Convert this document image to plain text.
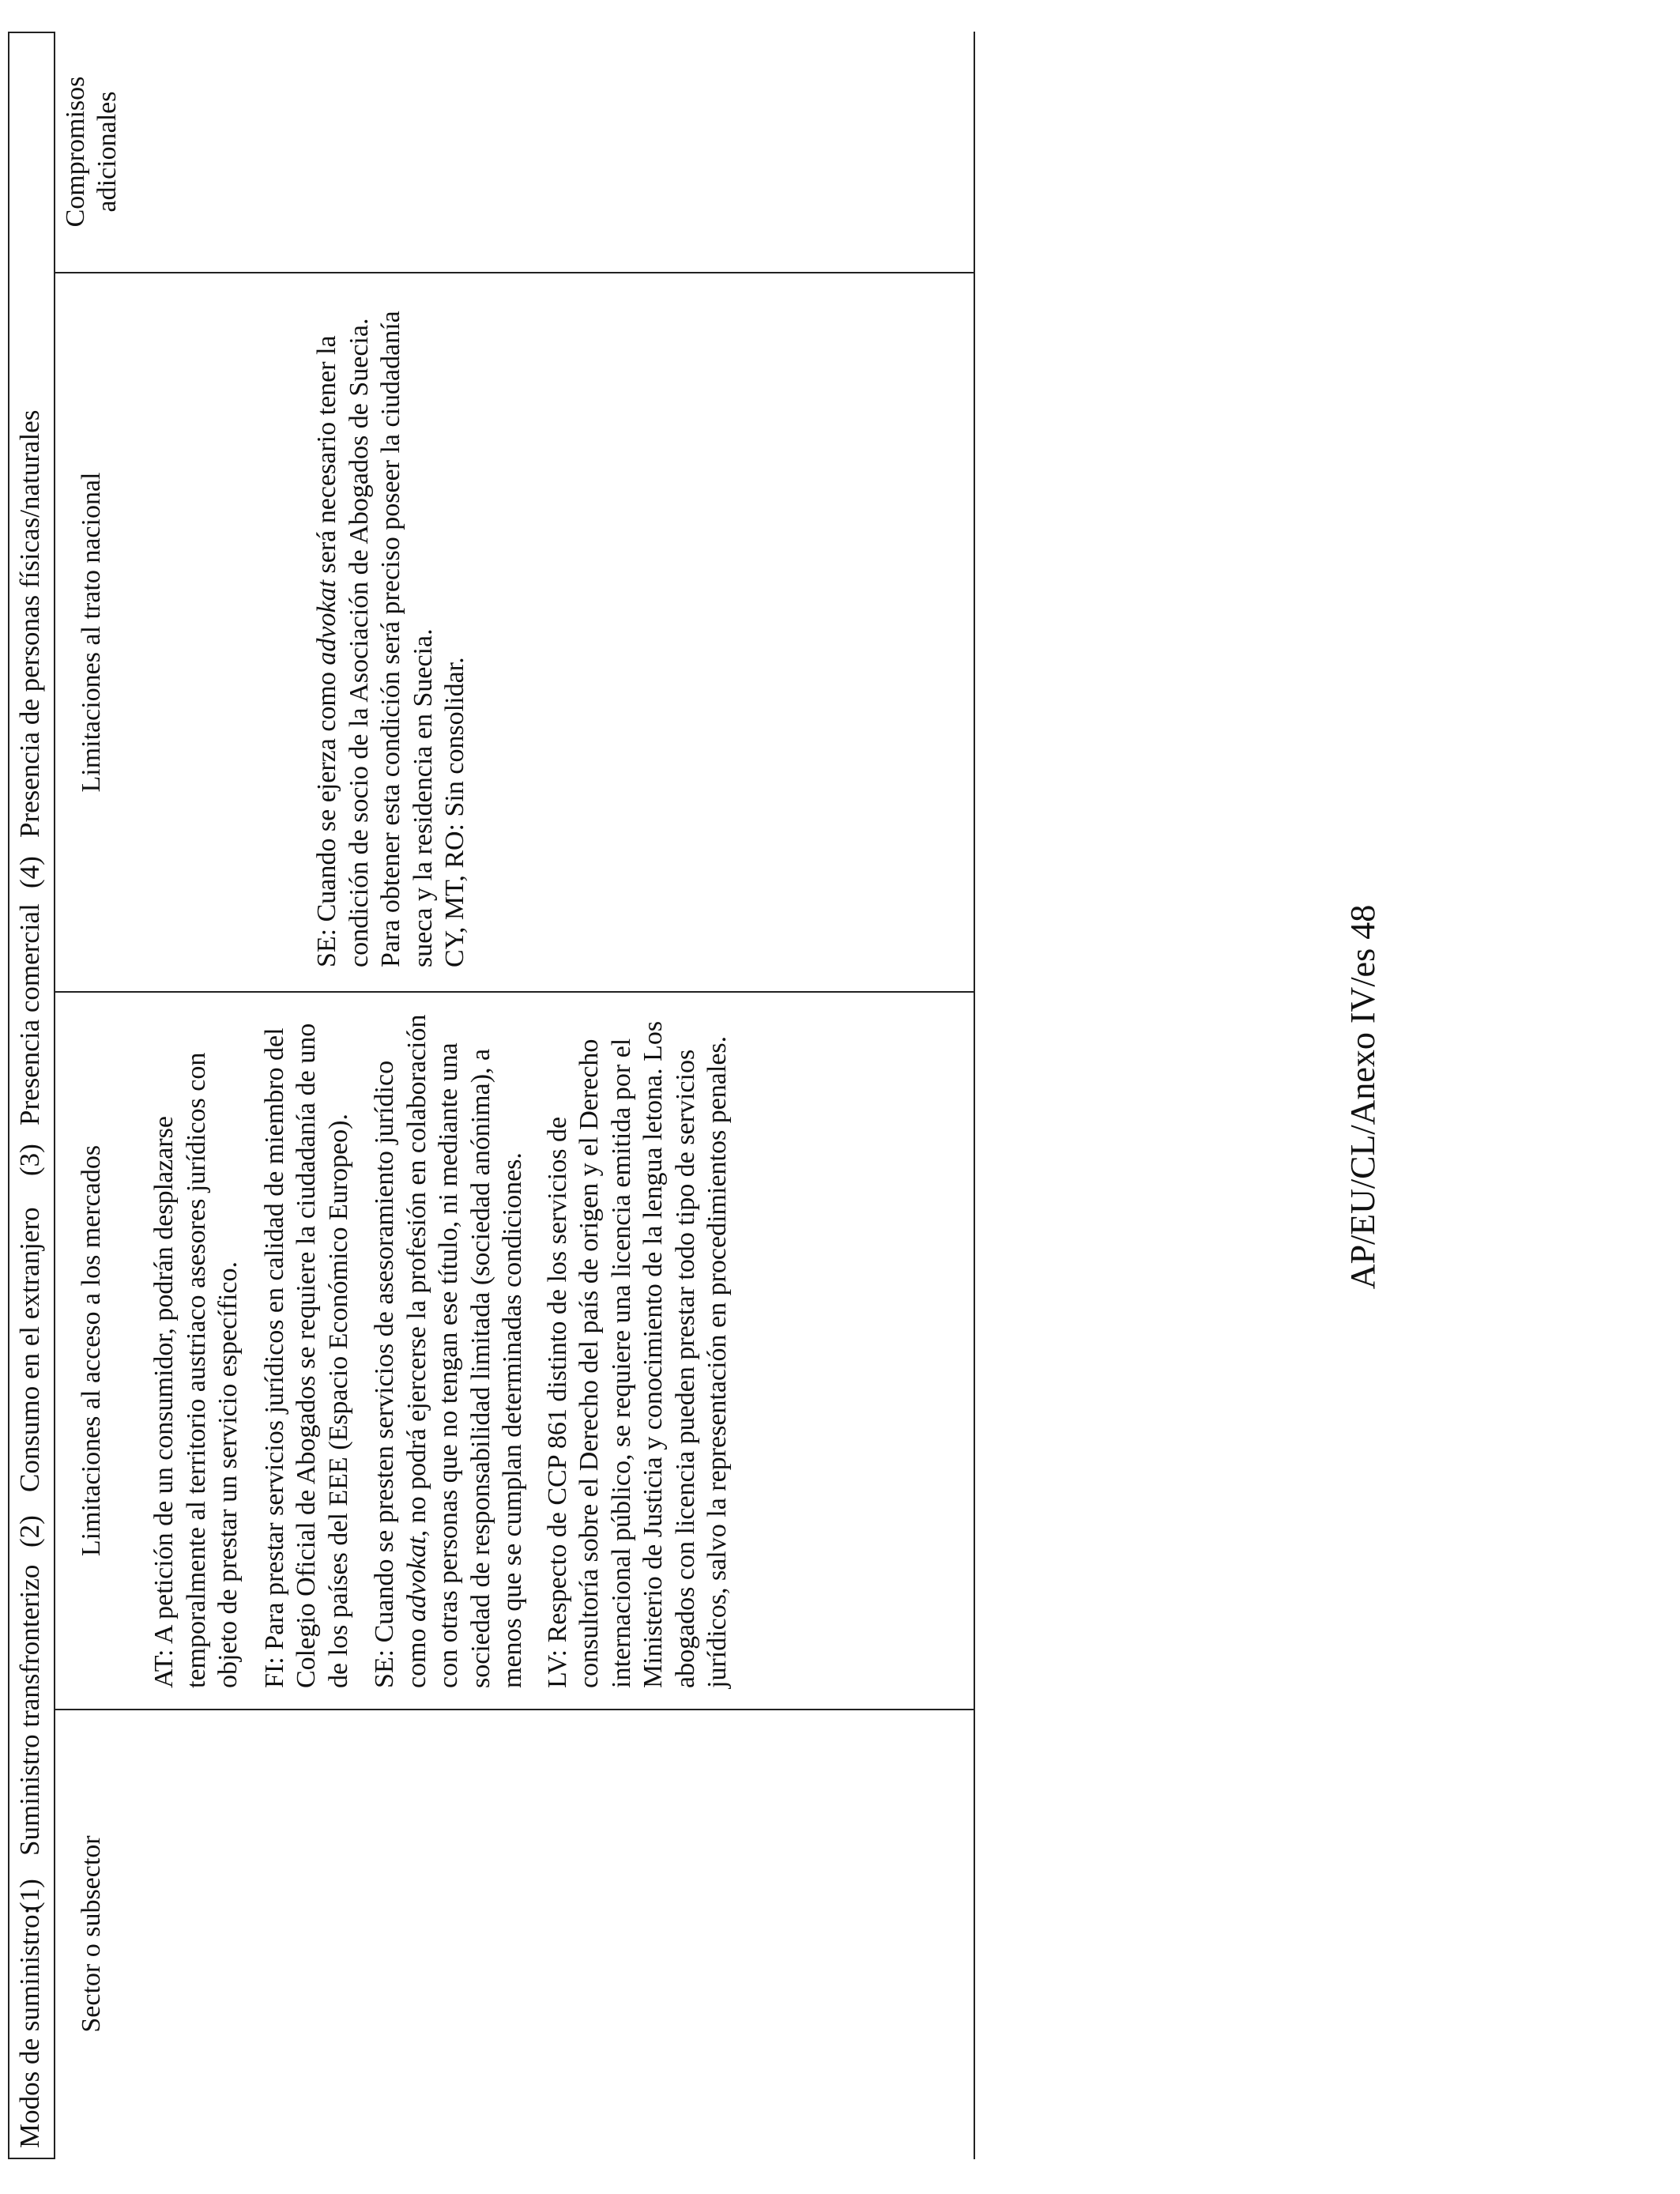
Modos de suministro:
(1)
Suministro transfronterizo
(2)
Consumo en el extranjero
(3)
Presencia comercial
(4)
Presencia de personas físicas/naturales
Sector o subsector
Limitaciones al acceso a los mercados
Limitaciones al trato nacional
Compromisos adicionales

AT: A petición de un consumidor, podrán desplazarse temporalmente al territorio austriaco asesores jurídicos con objeto de prestar un servicio específico. FI: Para prestar servicios jurídicos en calidad de miembro del Colegio Oficial de Abogados se requiere la ciudadanía de uno de los países del EEE (Espacio Económico Europeo). SE: Cuando se presten servicios de asesoramiento jurídico como advokat, no podrá ejercerse la profesión en colaboración con otras personas que no tengan ese título, ni mediante una sociedad de responsabilidad limitada (sociedad anónima), a menos que se cumplan determinadas condiciones. LV: Respecto de CCP 861 distinto de los servicios de consultoría sobre el Derecho del país de origen y el Derecho internacional público, se requiere una licencia emitida por el Ministerio de Justicia y conocimiento de la lengua letona. Los abogados con licencia pueden prestar todo tipo de servicios jurídicos, salvo la representación en procedimientos penales.

SE: Cuando se ejerza como advokat será necesario tener la condición de socio de la Asociación de Abogados de Suecia. Para obtener esta condición será preciso poseer la ciudadanía sueca y la residencia en Suecia. CY, MT, RO: Sin consolidar.

AP/EU/CL/Anexo IV/es 48
